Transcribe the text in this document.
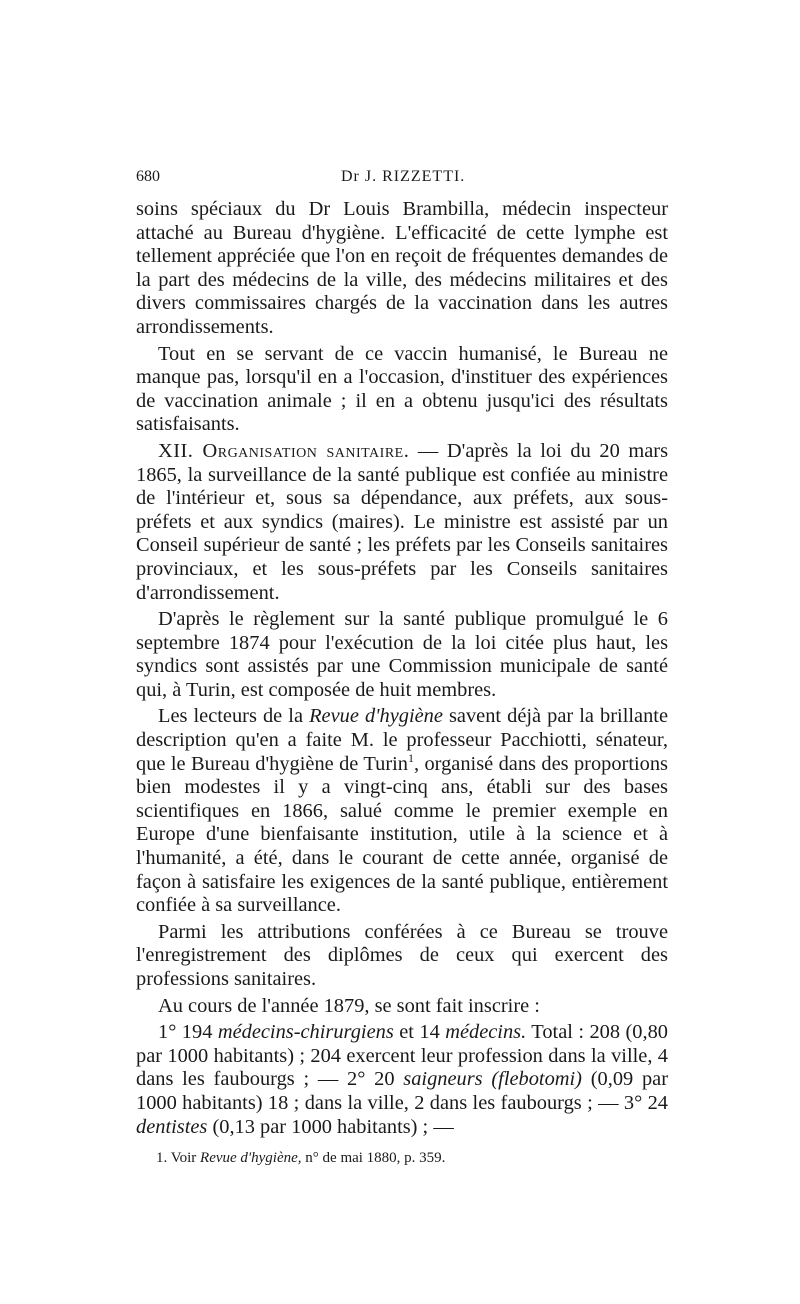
680	Dr J. RIZZETTI.

soins spéciaux du Dr Louis Brambilla, médecin inspecteur attaché au Bureau d'hygiène. L'efficacité de cette lymphe est tellement appréciée que l'on en reçoit de fréquentes demandes de la part des médecins de la ville, des médecins militaires et des divers commissaires chargés de la vaccination dans les autres arrondissements.

Tout en se servant de ce vaccin humanisé, le Bureau ne manque pas, lorsqu'il en a l'occasion, d'instituer des expériences de vaccination animale ; il en a obtenu jusqu'ici des résultats satisfaisants.

XII. Organisation sanitaire. — D'après la loi du 20 mars 1865, la surveillance de la santé publique est confiée au ministre de l'intérieur et, sous sa dépendance, aux préfets, aux sous-préfets et aux syndics (maires). Le ministre est assisté par un Conseil supérieur de santé ; les préfets par les Conseils sanitaires provinciaux, et les sous-préfets par les Conseils sanitaires d'arrondissement.

D'après le règlement sur la santé publique promulgué le 6 septembre 1874 pour l'exécution de la loi citée plus haut, les syndics sont assistés par une Commission municipale de santé qui, à Turin, est composée de huit membres.

Les lecteurs de la Revue d'hygiène savent déjà par la brillante description qu'en a faite M. le professeur Pacchiotti, sénateur, que le Bureau d'hygiène de Turin$^1$, organisé dans des proportions bien modestes il y a vingt-cinq ans, établi sur des bases scientifiques en 1866, salué comme le premier exemple en Europe d'une bienfaisante institution, utile à la science et à l'humanité, a été, dans le courant de cette année, organisé de façon à satisfaire les exigences de la santé publique, entièrement confiée à sa surveillance.

Parmi les attributions conférées à ce Bureau se trouve l'enregistrement des diplômes de ceux qui exercent des professions sanitaires.

Au cours de l'année 1879, se sont fait inscrire :

1° 194 médecins-chirurgiens et 14 médecins. Total : 208 (0,80 par 1000 habitants) ; 204 exercent leur profession dans la ville, 4 dans les faubourgs ; — 2° 20 saigneurs (flebotomi) (0,09 par 1000 habitants) 18 ; dans la ville, 2 dans les faubourgs ; — 3° 24 dentistes (0,13 par 1000 habitants) ; —

1. Voir Revue d'hygiène, n° de mai 1880, p. 359.
